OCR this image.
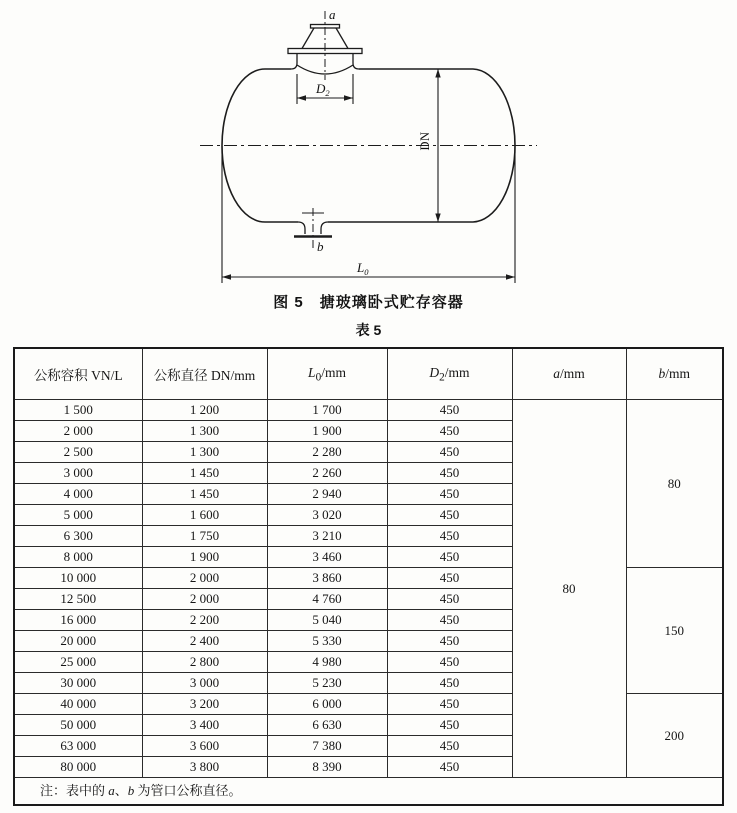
a
$D_2$
DN
b
$L_0$
图 5　搪玻璃卧式贮存容器
表 5
公称容积 VN/L	公称直径 DN/mm	$L_0/mm$	$D_2/mm$	a/mm	b/mm
1 500	1 200	1 700	450	80	80
2 000	1 300	1 900	450		
2 500	1 300	2 280	450		
3 000	1 450	2 260	450		
4 000	1 450	2 940	450		
5 000	1 600	3 020	450		
6 300	1 750	3 210	450		
8 000	1 900	3 460	450		
10 000	2 000	3 860	450		150
12 500	2 000	4 760	450		
16 000	2 200	5 040	450		
20 000	2 400	5 330	450		
25 000	2 800	4 980	450		
30 000	3 000	5 230	450		
40 000	3 200	6 000	450		200
50 000	3 400	6 630	450		
63 000	3 600	7 380	450		
80 000	3 800	8 390	450		
注：表中的 a、b 为管口公称直径。					
